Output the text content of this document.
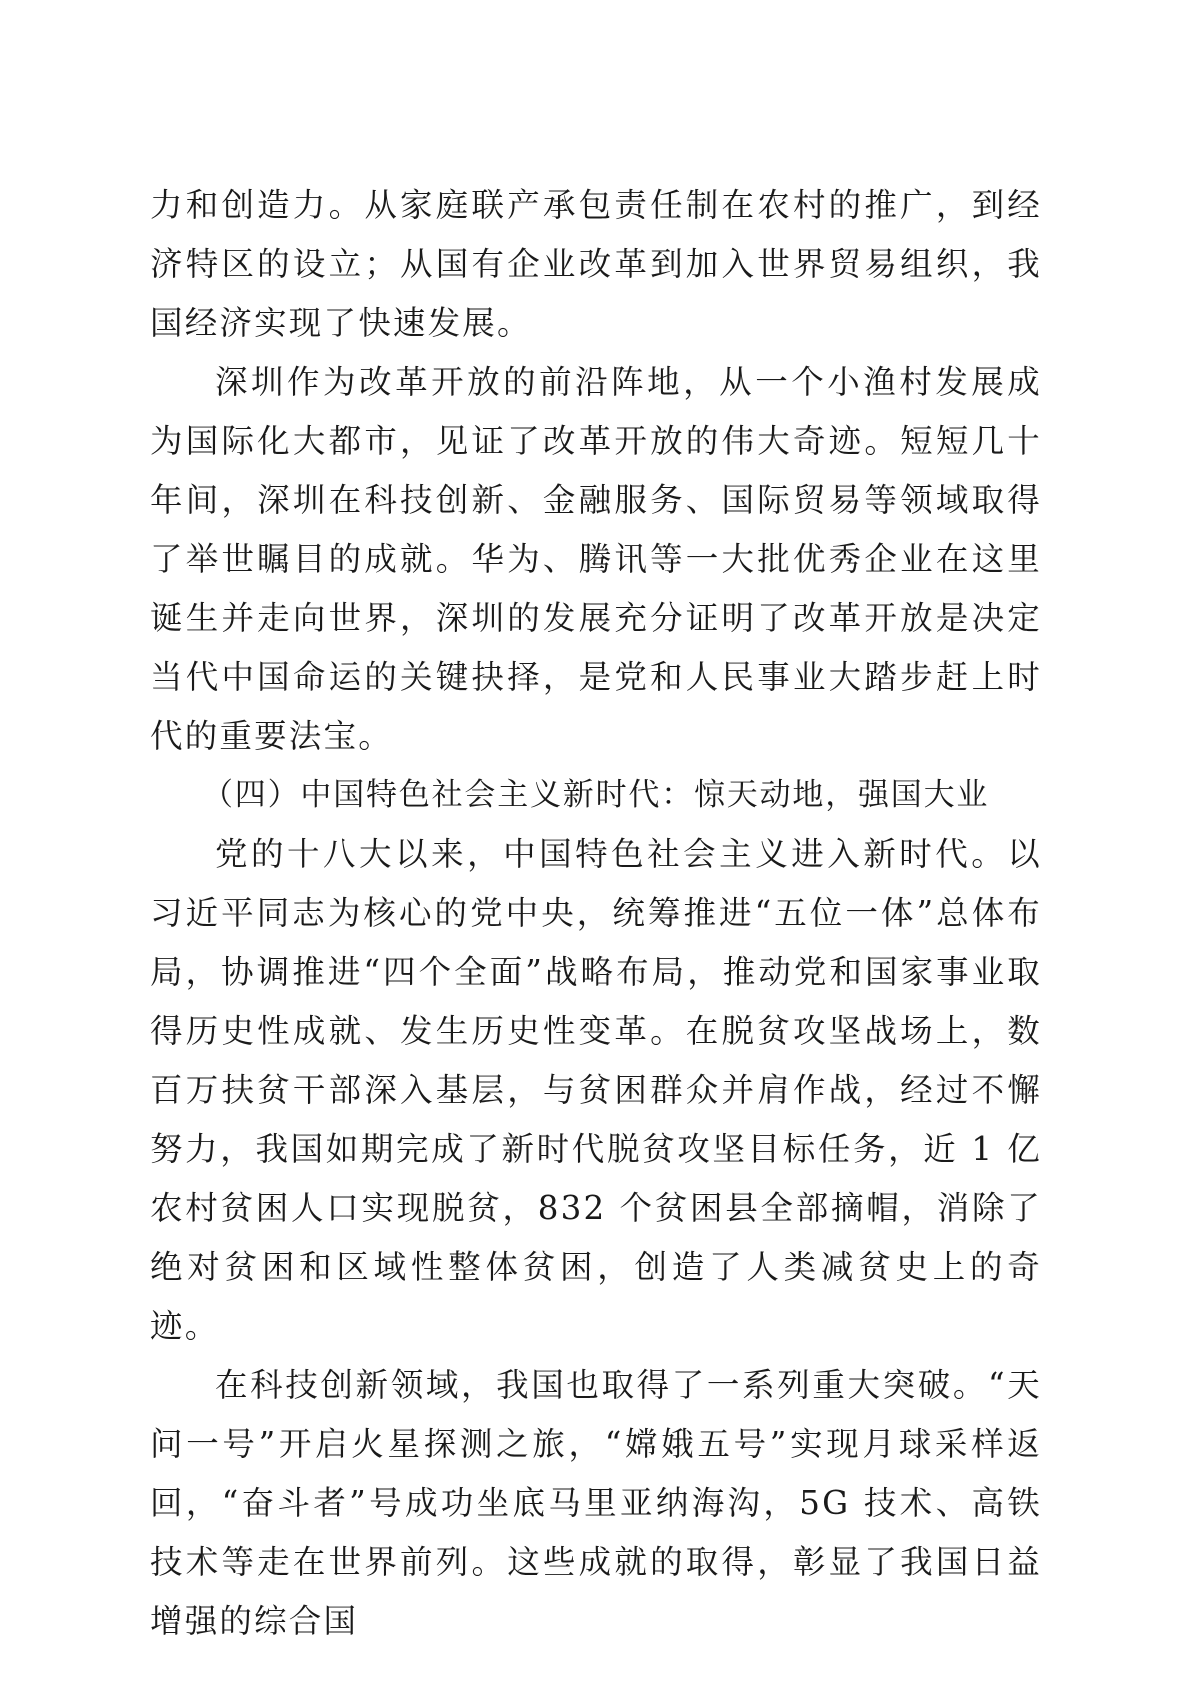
力和创造力。从家庭联产承包责任制在农村的推广，到经济特区的设立；从国有企业改革到加入世界贸易组织，我国经济实现了快速发展。

深圳作为改革开放的前沿阵地，从一个小渔村发展成为国际化大都市，见证了改革开放的伟大奇迹。短短几十年间，深圳在科技创新、金融服务、国际贸易等领域取得了举世瞩目的成就。华为、腾讯等一大批优秀企业在这里诞生并走向世界，深圳的发展充分证明了改革开放是决定当代中国命运的关键抉择，是党和人民事业大踏步赶上时代的重要法宝。

（四）中国特色社会主义新时代：惊天动地，强国大业

党的十八大以来，中国特色社会主义进入新时代。以习近平同志为核心的党中央，统筹推进“五位一体”总体布局，协调推进“四个全面”战略布局，推动党和国家事业取得历史性成就、发生历史性变革。在脱贫攻坚战场上，数百万扶贫干部深入基层，与贫困群众并肩作战，经过不懈努力，我国如期完成了新时代脱贫攻坚目标任务，近 1 亿农村贫困人口实现脱贫，832 个贫困县全部摘帽，消除了绝对贫困和区域性整体贫困，创造了人类减贫史上的奇迹。

在科技创新领域，我国也取得了一系列重大突破。“天问一号”开启火星探测之旅，“嫦娥五号”实现月球采样返回，“奋斗者”号成功坐底马里亚纳海沟，5G 技术、高铁技术等走在世界前列。这些成就的取得，彰显了我国日益增强的综合国
